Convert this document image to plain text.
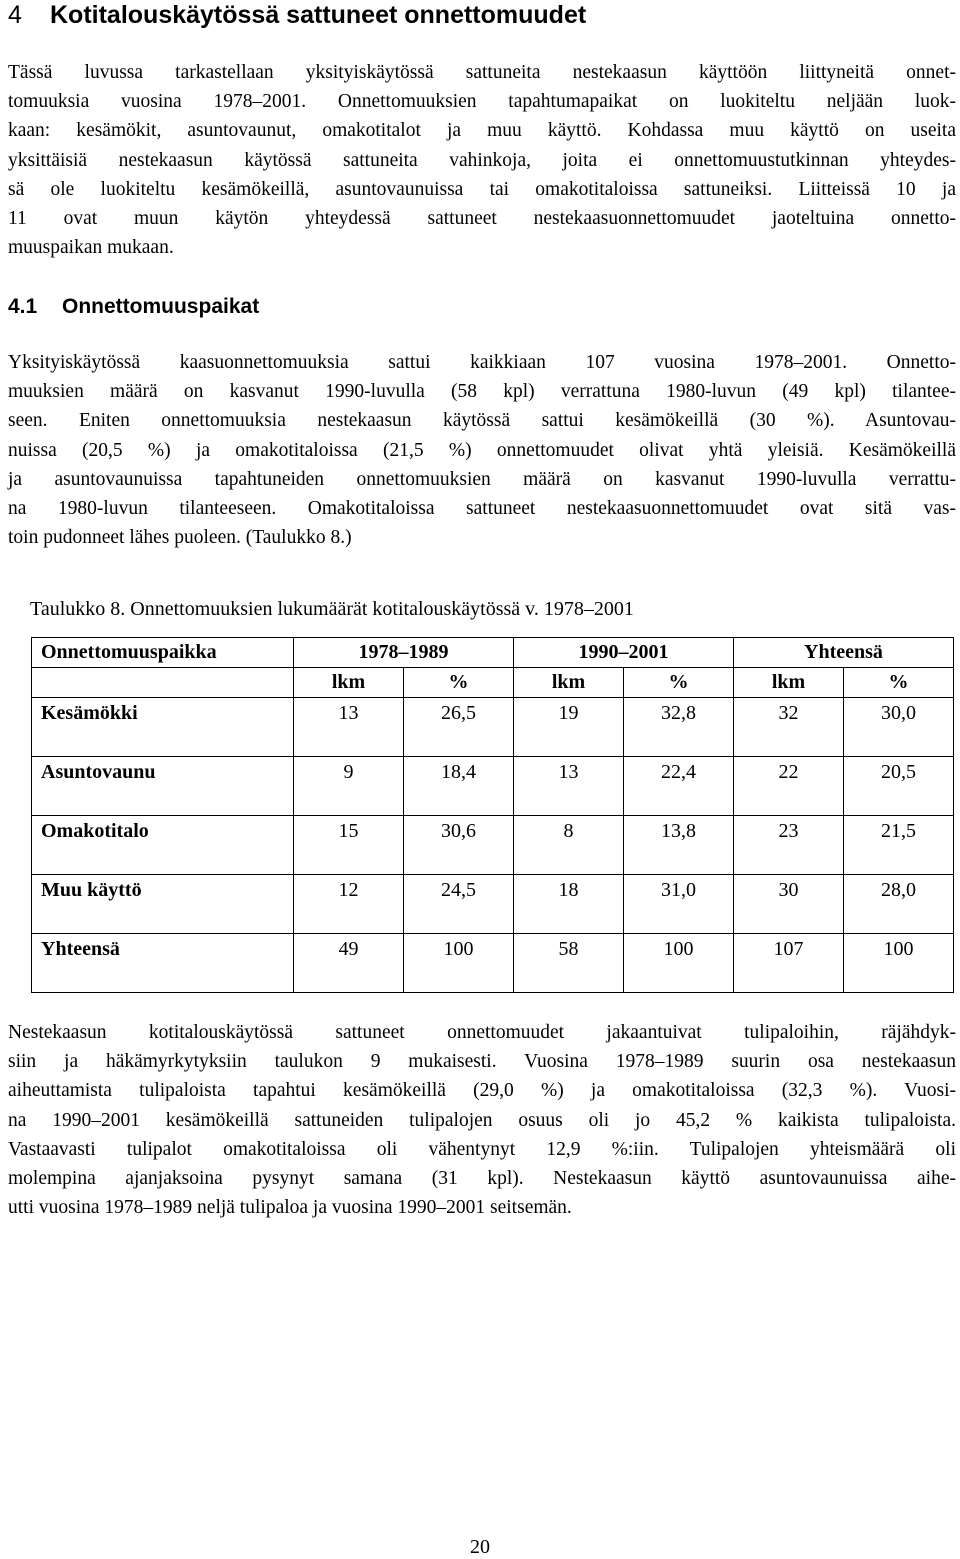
4 Kotitalouskäytössä sattuneet onnettomuudet
Tässä luvussa tarkastellaan yksityiskäytössä sattuneita nestekaasun käyttöön liittyneitä onnet-
tomuuksia vuosina 1978–2001. Onnettomuuksien tapahtumapaikat on luokiteltu neljään luok-
kaan: kesämökit, asuntovaunut, omakotitalot ja muu käyttö. Kohdassa muu käyttö on useita
yksittäisiä nestekaasun käytössä sattuneita vahinkoja, joita ei onnettomuustutkinnan yhteydes-
sä ole luokiteltu kesämökeillä, asuntovaunuissa tai omakotitaloissa sattuneiksi. Liitteissä 10 ja
11 ovat muun käytön yhteydessä sattuneet nestekaasuonnettomuudet jaoteltuina onnetto-
muuspaikan mukaan.
4.1 Onnettomuuspaikat
Yksityiskäytössä kaasuonnettomuuksia sattui kaikkiaan 107 vuosina 1978–2001. Onnetto-
muuksien määrä on kasvanut 1990-luvulla (58 kpl) verrattuna 1980-luvun (49 kpl) tilantee-
seen. Eniten onnettomuuksia nestekaasun käytössä sattui kesämökeillä (30 %). Asuntovau-
nuissa (20,5 %) ja omakotitaloissa (21,5 %) onnettomuudet olivat yhtä yleisiä. Kesämökeillä
ja asuntovaunuissa tapahtuneiden onnettomuuksien määrä on kasvanut 1990-luvulla verrattu-
na 1980-luvun tilanteeseen. Omakotitaloissa sattuneet nestekaasuonnettomuudet ovat sitä vas-
toin pudonneet lähes puoleen. (Taulukko 8.)
Taulukko 8. Onnettomuuksien lukumäärät kotitalouskäytössä v. 1978–2001
Onnettomuuspaikka	1978–1989		1990–2001		Yhteensä	
	lkm	%	lkm	%	lkm	%
Kesämökki	13	26,5	19	32,8	32	30,0
Asuntovaunu	9	18,4	13	22,4	22	20,5
Omakotitalo	15	30,6	8	13,8	23	21,5
Muu käyttö	12	24,5	18	31,0	30	28,0
Yhteensä	49	100	58	100	107	100
Nestekaasun kotitalouskäytössä sattuneet onnettomuudet jakaantuivat tulipaloihin, räjähdyk-
siin ja häkämyrkytyksiin taulukon 9 mukaisesti. Vuosina 1978–1989 suurin osa nestekaasun
aiheuttamista tulipaloista tapahtui kesämökeillä (29,0 %) ja omakotitaloissa (32,3 %). Vuosi-
na 1990–2001 kesämökeillä sattuneiden tulipalojen osuus oli jo 45,2 % kaikista tulipaloista.
Vastaavasti tulipalot omakotitaloissa oli vähentynyt 12,9 %:iin. Tulipalojen yhteismäärä oli
molempina ajanjaksoina pysynyt samana (31 kpl). Nestekaasun käyttö asuntovaunuissa aihe-
utti vuosina 1978–1989 neljä tulipaloa ja vuosina 1990–2001 seitsemän.
20
